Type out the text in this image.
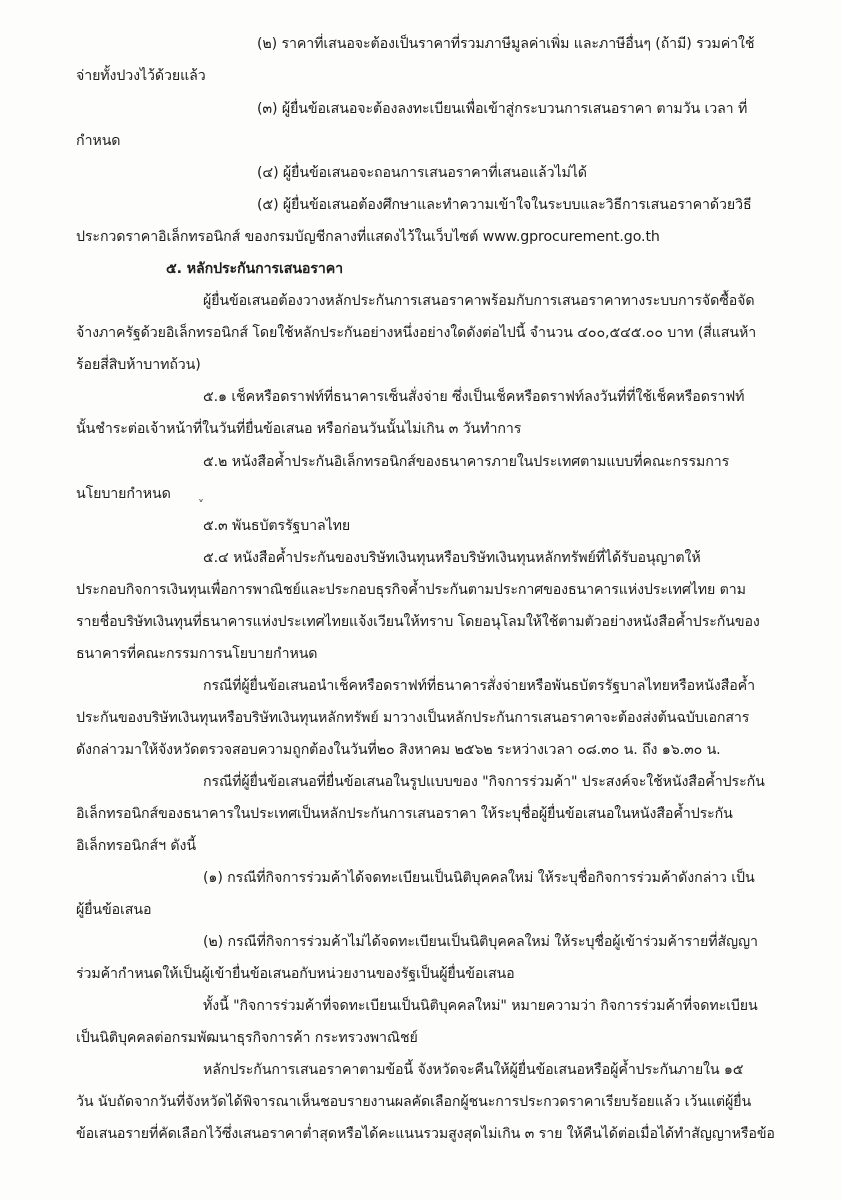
(๒) ราคาที่เสนอจะต้องเป็นราคาที่รวมภาษีมูลค่าเพิ่ม และภาษีอื่นๆ (ถ้ามี) รวมค่าใช้
จ่ายทั้งปวงไว้ด้วยแล้ว
(๓) ผู้ยื่นข้อเสนอจะต้องลงทะเบียนเพื่อเข้าสู่กระบวนการเสนอราคา ตามวัน เวลา ที่
กำหนด
(๔) ผู้ยื่นข้อเสนอจะถอนการเสนอราคาที่เสนอแล้วไม่ได้
(๕) ผู้ยื่นข้อเสนอต้องศึกษาและทำความเข้าใจในระบบและวิธีการเสนอราคาด้วยวิธี
ประกวดราคาอิเล็กทรอนิกส์ ของกรมบัญชีกลางที่แสดงไว้ในเว็บไซต์ www.gprocurement.go.th
๕. หลักประกันการเสนอราคา
ผู้ยื่นข้อเสนอต้องวางหลักประกันการเสนอราคาพร้อมกับการเสนอราคาทางระบบการจัดซื้อจัด
จ้างภาครัฐด้วยอิเล็กทรอนิกส์ โดยใช้หลักประกันอย่างหนึ่งอย่างใดดังต่อไปนี้ จำนวน ๔๐๐,๕๔๕.๐๐ บาท (สี่แสนห้า
ร้อยสี่สิบห้าบาทถ้วน)
๕.๑ เช็คหรือดราฟท์ที่ธนาคารเซ็นสั่งจ่าย ซึ่งเป็นเช็คหรือดราฟท์ลงวันที่ที่ใช้เช็คหรือดราฟท์
นั้นชำระต่อเจ้าหน้าที่ในวันที่ยื่นข้อเสนอ หรือก่อนวันนั้นไม่เกิน ๓ วันทำการ
๕.๒ หนังสือค้ำประกันอิเล็กทรอนิกส์ของธนาคารภายในประเทศตามแบบที่คณะกรรมการ
นโยบายกำหนด ˬ
๕.๓ พันธบัตรรัฐบาลไทย
๕.๔ หนังสือค้ำประกันของบริษัทเงินทุนหรือบริษัทเงินทุนหลักทรัพย์ที่ได้รับอนุญาตให้
ประกอบกิจการเงินทุนเพื่อการพาณิชย์และประกอบธุรกิจค้ำประกันตามประกาศของธนาคารแห่งประเทศไทย ตาม
รายชื่อบริษัทเงินทุนที่ธนาคารแห่งประเทศไทยแจ้งเวียนให้ทราบ โดยอนุโลมให้ใช้ตามตัวอย่างหนังสือค้ำประกันของ
ธนาคารที่คณะกรรมการนโยบายกำหนด
กรณีที่ผู้ยื่นข้อเสนอนำเช็คหรือดราฟท์ที่ธนาคารสั่งจ่ายหรือพันธบัตรรัฐบาลไทยหรือหนังสือค้ำ
ประกันของบริษัทเงินทุนหรือบริษัทเงินทุนหลักทรัพย์ มาวางเป็นหลักประกันการเสนอราคาจะต้องส่งต้นฉบับเอกสาร
ดังกล่าวมาให้จังหวัดตรวจสอบความถูกต้องในวันที่๒๐ สิงหาคม ๒๕๖๒ ระหว่างเวลา ๐๘.๓๐ น. ถึง ๑๖.๓๐ น.
กรณีที่ผู้ยื่นข้อเสนอที่ยื่นข้อเสนอในรูปแบบของ "กิจการร่วมค้า" ประสงค์จะใช้หนังสือค้ำประกัน
อิเล็กทรอนิกส์ของธนาคารในประเทศเป็นหลักประกันการเสนอราคา ให้ระบุชื่อผู้ยื่นข้อเสนอในหนังสือค้ำประกัน
อิเล็กทรอนิกส์ฯ ดังนี้
(๑) กรณีที่กิจการร่วมค้าได้จดทะเบียนเป็นนิติบุคคลใหม่ ให้ระบุชื่อกิจการร่วมค้าดังกล่าว เป็น
ผู้ยื่นข้อเสนอ
(๒) กรณีที่กิจการร่วมค้าไม่ได้จดทะเบียนเป็นนิติบุคคลใหม่ ให้ระบุชื่อผู้เข้าร่วมค้ารายที่สัญญา
ร่วมค้ากำหนดให้เป็นผู้เข้ายื่นข้อเสนอกับหน่วยงานของรัฐเป็นผู้ยื่นข้อเสนอ
ทั้งนี้ "กิจการร่วมค้าที่จดทะเบียนเป็นนิติบุคคลใหม่" หมายความว่า กิจการร่วมค้าที่จดทะเบียน
เป็นนิติบุคคลต่อกรมพัฒนาธุรกิจการค้า กระทรวงพาณิชย์
หลักประกันการเสนอราคาตามข้อนี้ จังหวัดจะคืนให้ผู้ยื่นข้อเสนอหรือผู้ค้ำประกันภายใน ๑๕
วัน นับถัดจากวันที่จังหวัดได้พิจารณาเห็นชอบรายงานผลคัดเลือกผู้ชนะการประกวดราคาเรียบร้อยแล้ว เว้นแต่ผู้ยื่น
ข้อเสนอรายที่คัดเลือกไว้ซึ่งเสนอราคาต่ำสุดหรือได้คะแนนรวมสูงสุดไม่เกิน ๓ ราย ให้คืนได้ต่อเมื่อได้ทำสัญญาหรือข้อ
